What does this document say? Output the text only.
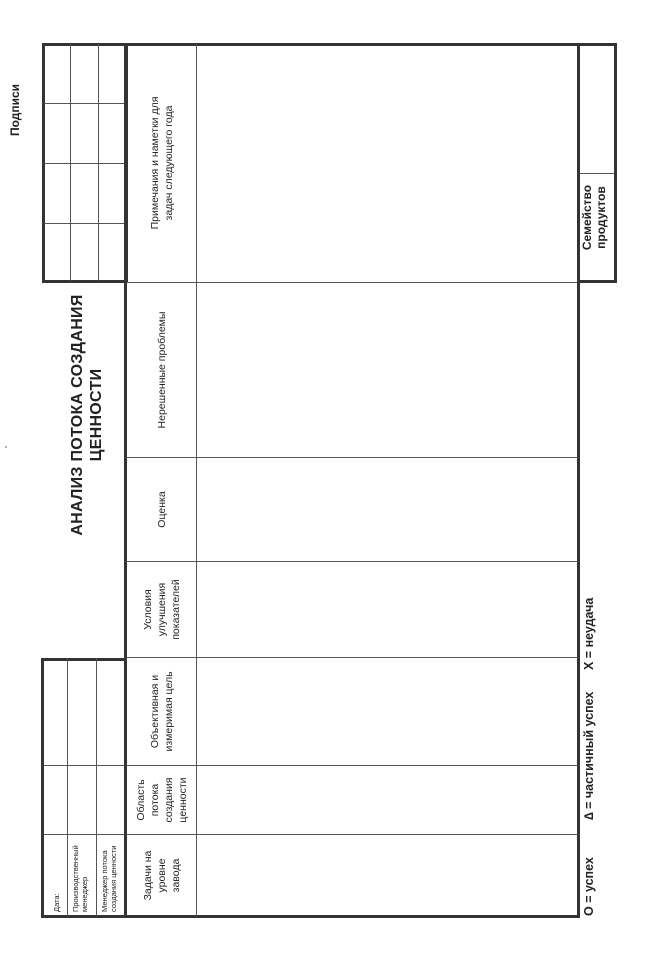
Дата: Производственный менеджер Менеджер потока создания ценности
АНАЛИЗ ПОТОКА СОЗДАНИЯ ЦЕННОСТИ
Подписи
Задачи на уровне завода
Область потока создания ценности
Объективная и измеримая цель
Условия улучшения показателей
Оценка
Нерешенные проблемы
Примечания и наметки для задач следующего года	Семейство продуктов
О = успех
∆ = частичный успех
Х = неудача
